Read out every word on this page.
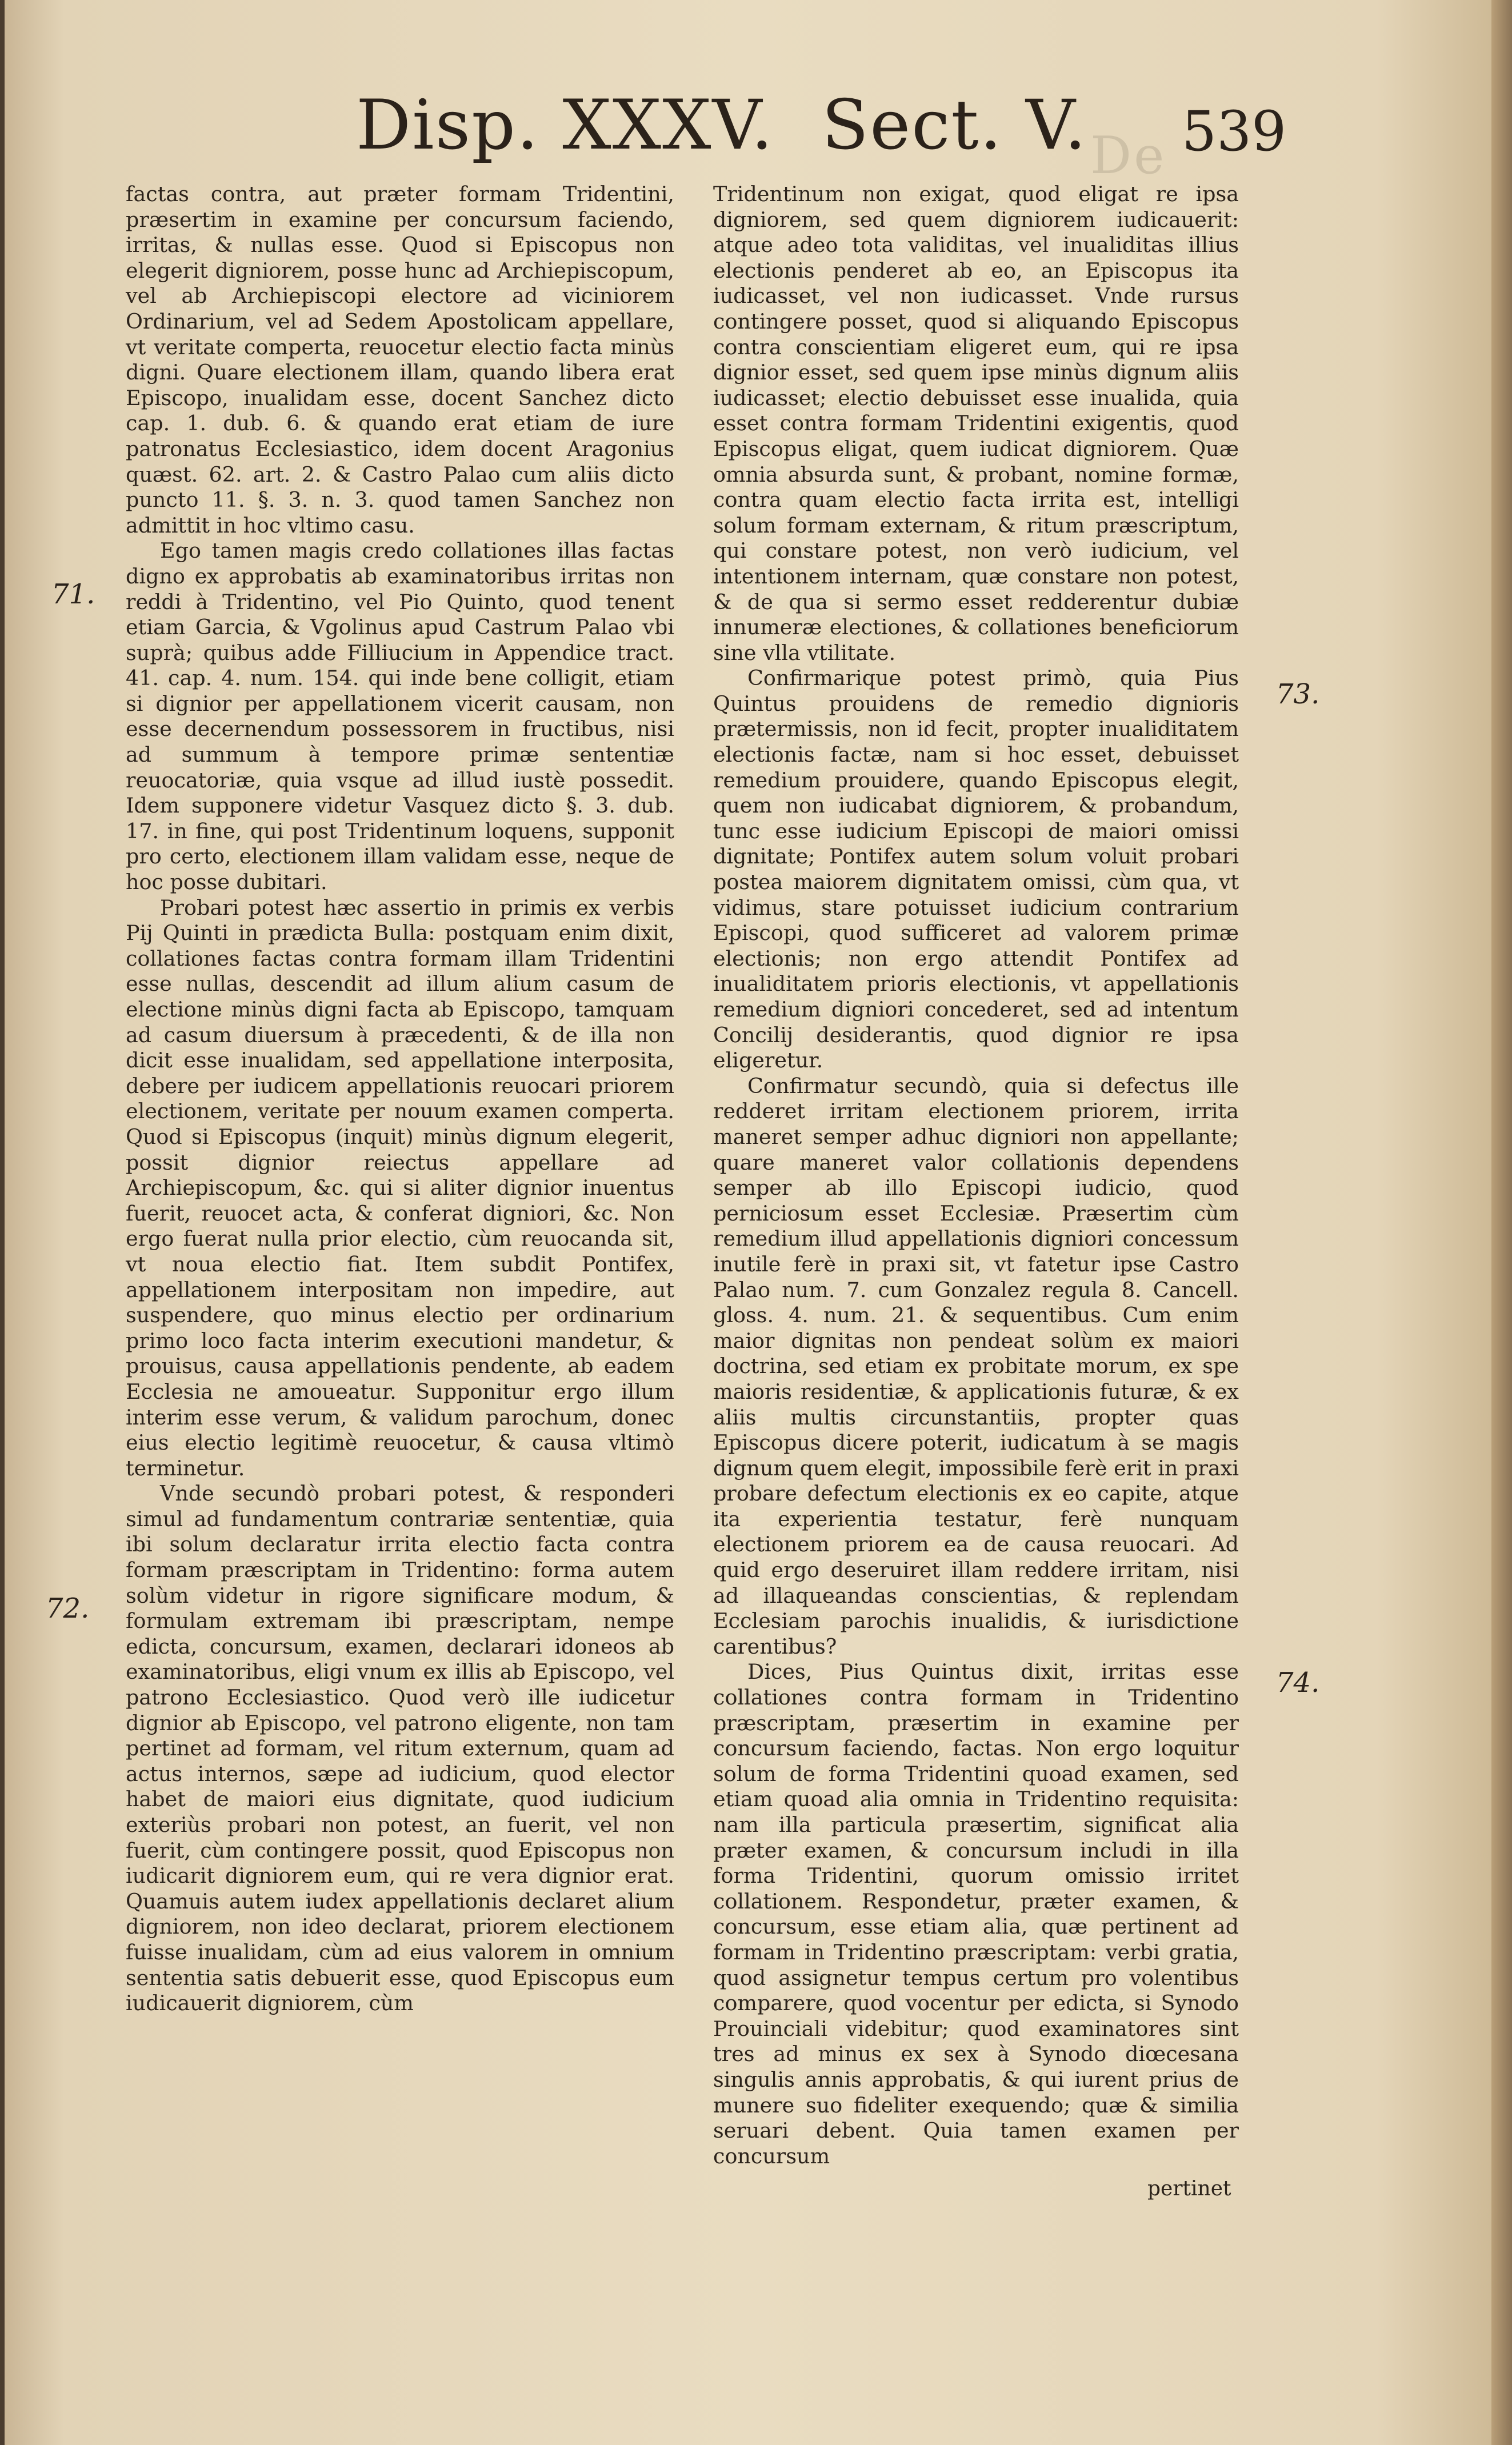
Disp. XXXV.	De
Sect. V. 539

factas contra, aut præter formam Tridentini, præsertim in examine per concursum faciendo, irritas, & nullas esse. Quod si Episcopus non elegerit digniorem, posse hunc ad Archiepiscopum, vel ab Archiepiscopi electore ad viciniorem Ordinarium, vel ad Sedem Apostolicam appellare, vt veritate comperta, reuocetur electio facta minùs digni. Quare electionem illam, quando libera erat Episcopo, inualidam esse, docent Sanchez dicto cap. 1. dub. 6. & quando erat etiam de iure patronatus Ecclesiastico, idem docent Aragonius quæst. 62. art. 2. & Castro Palao cum aliis dicto puncto 11. §. 3. n. 3. quod tamen Sanchez non admittit in hoc vltimo casu.

Ego tamen magis credo collationes illas factas digno ex approbatis ab examinatoribus irritas non reddi à Tridentino, vel Pio Quinto, quod tenent etiam Garcia, & Vgolinus apud Castrum Palao vbi suprà; quibus adde Filliucium in Appendice tract. 41. cap. 4. num. 154. qui inde bene colligit, etiam si dignior per appellationem vicerit causam, non esse decernendum possessorem in fructibus, nisi ad summum à tempore primæ sententiæ reuocatoriæ, quia vsque ad illud iustè possedit. Idem supponere videtur Vasquez dicto §. 3. dub. 17. in fine, qui post Tridentinum loquens, supponit pro certo, electionem illam validam esse, neque de hoc posse dubitari.

Probari potest hæc assertio in primis ex verbis Pij Quinti in prædicta Bulla: postquam enim dixit, collationes factas contra formam illam Tridentini esse nullas, descendit ad illum alium casum de electione minùs digni facta ab Episcopo, tamquam ad casum diuersum à præcedenti, & de illa non dicit esse inualidam, sed appellatione interposita, debere per iudicem appellationis reuocari priorem electionem, veritate per nouum examen comperta. Quod si Episcopus (inquit) minùs dignum elegerit, possit dignior reiectus appellare ad Archiepiscopum, &c. qui si aliter dignior inuentus fuerit, reuocet acta, & conferat digniori, &c. Non ergo fuerat nulla prior electio, cùm reuocanda sit, vt noua electio fiat. Item subdit Pontifex, appellationem interpositam non impedire, aut suspendere, quo minus electio per ordinarium primo loco facta interim executioni mandetur, & prouisus, causa appellationis pendente, ab eadem Ecclesia ne amoueatur. Supponitur ergo illum interim esse verum, & validum parochum, donec eius electio legitimè reuocetur, & causa vltimò terminetur.

Vnde secundò probari potest, & responderi simul ad fundamentum contrariæ sententiæ, quia ibi solum declaratur irrita electio facta contra formam præscriptam in Tridentino: forma autem solùm videtur in rigore significare modum, & formulam extremam ibi præscriptam, nempe edicta, concursum, examen, declarari idoneos ab examinatoribus, eligi vnum ex illis ab Episcopo, vel patrono Ecclesiastico. Quod verò ille iudicetur dignior ab Episcopo, vel patrono eligente, non tam pertinet ad formam, vel ritum externum, quam ad actus internos, sæpe ad iudicium, quod elector habet de maiori eius dignitate, quod iudicium exteriùs probari non potest, an fuerit, vel non fuerit, cùm contingere possit, quod Episcopus non iudicarit digniorem eum, qui re vera dignior erat. Quamuis autem iudex appellationis declaret alium digniorem, non ideo declarat, priorem electionem fuisse inualidam, cùm ad eius valorem in omnium sententia satis debuerit esse, quod Episcopus eum iudicauerit digniorem, cùm

Tridentinum non exigat, quod eligat re ipsa digniorem, sed quem digniorem iudicauerit: atque adeo tota validitas, vel inualiditas illius electionis penderet ab eo, an Episcopus ita iudicasset, vel non iudicasset. Vnde rursus contingere posset, quod si aliquando Episcopus contra conscientiam eligeret eum, qui re ipsa dignior esset, sed quem ipse minùs dignum aliis iudicasset; electio debuisset esse inualida, quia esset contra formam Tridentini exigentis, quod Episcopus eligat, quem iudicat digniorem. Quæ omnia absurda sunt, & probant, nomine formæ, contra quam electio facta irrita est, intelligi solum formam externam, & ritum præscriptum, qui constare potest, non verò iudicium, vel intentionem internam, quæ constare non potest, & de qua si sermo esset redderentur dubiæ innumeræ electiones, & collationes beneficiorum sine vlla vtilitate.

Confirmarique potest primò, quia Pius Quintus prouidens de remedio dignioris prætermissis, non id fecit, propter inualiditatem electionis factæ, nam si hoc esset, debuisset remedium prouidere, quando Episcopus elegit, quem non iudicabat digniorem, & probandum, tunc esse iudicium Episcopi de maiori omissi dignitate; Pontifex autem solum voluit probari postea maiorem dignitatem omissi, cùm qua, vt vidimus, stare potuisset iudicium contrarium Episcopi, quod sufficeret ad valorem primæ electionis; non ergo attendit Pontifex ad inualiditatem prioris electionis, vt appellationis remedium digniori concederet, sed ad intentum Concilij desiderantis, quod dignior re ipsa eligeretur.

Confirmatur secundò, quia si defectus ille redderet irritam electionem priorem, irrita maneret semper adhuc digniori non appellante; quare maneret valor collationis dependens semper ab illo Episcopi iudicio, quod perniciosum esset Ecclesiæ. Præsertim cùm remedium illud appellationis digniori concessum inutile ferè in praxi sit, vt fatetur ipse Castro Palao num. 7. cum Gonzalez regula 8. Cancell. gloss. 4. num. 21. & sequentibus. Cum enim maior dignitas non pendeat solùm ex maiori doctrina, sed etiam ex probitate morum, ex spe maioris residentiæ, & applicationis futuræ, & ex aliis multis circunstantiis, propter quas Episcopus dicere poterit, iudicatum à se magis dignum quem elegit, impossibile ferè erit in praxi probare defectum electionis ex eo capite, atque ita experientia testatur, ferè nunquam electionem priorem ea de causa reuocari. Ad quid ergo deseruiret illam reddere irritam, nisi ad illaqueandas conscientias, & replendam Ecclesiam parochis inualidis, & iurisdictione carentibus?

Dices, Pius Quintus dixit, irritas esse collationes contra formam in Tridentino præscriptam, præsertim in examine per concursum faciendo, factas. Non ergo loquitur solum de forma Tridentini quoad examen, sed etiam quoad alia omnia in Tridentino requisita: nam illa particula præsertim, significat alia præter examen, & concursum includi in illa forma Tridentini, quorum omissio irritet collationem. Respondetur, præter examen, & concursum, esse etiam alia, quæ pertinent ad formam in Tridentino præscriptam: verbi gratia, quod assignetur tempus certum pro volentibus comparere, quod vocentur per edicta, si Synodo Prouinciali videbitur; quod examinatores sint tres ad minus ex sex à Synodo diœcesana singulis annis approbatis, & qui iurent prius de munere suo fideliter exequendo; quæ & similia seruari debent. Quia tamen examen per concursum

71.
72.
73.
74.
pertinet
